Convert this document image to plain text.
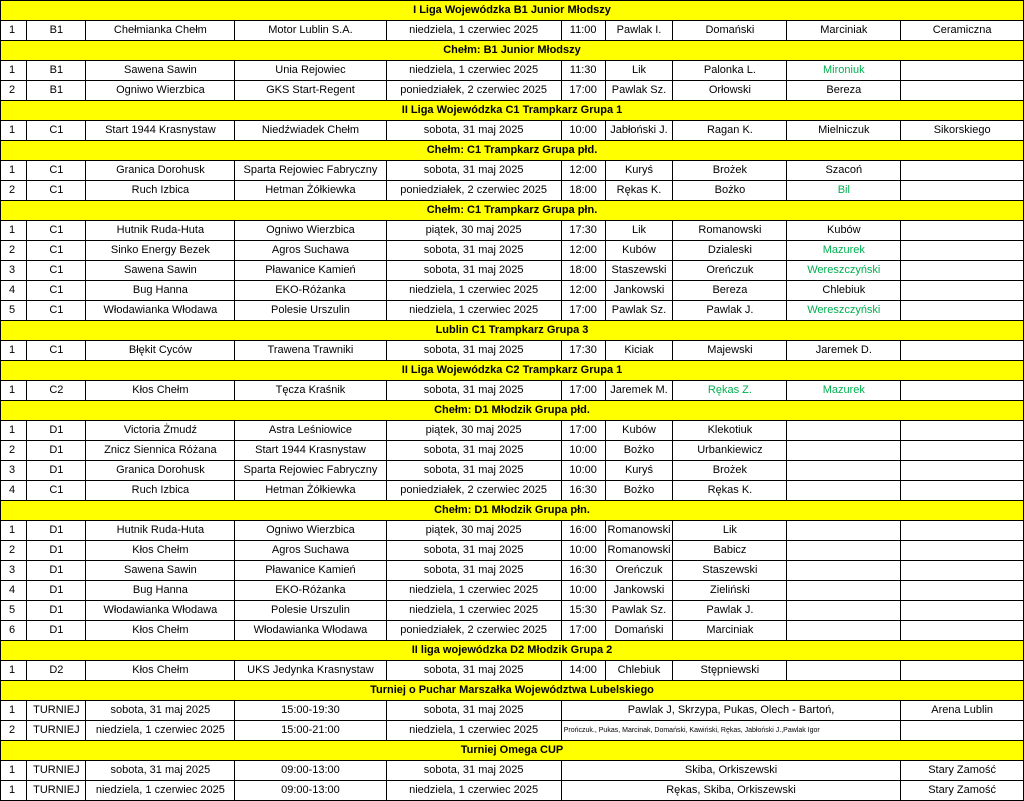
I Liga Wojewódzka B1 Junior Młodszy									
1	B1	Chełmianka Chełm	Motor Lublin S.A.	niedziela, 1 czerwiec 2025	11:00	Pawlak I.	Domański	Marciniak	Ceramiczna
Chełm: B1 Junior Młodszy									
1	B1	Sawena Sawin	Unia Rejowiec	niedziela, 1 czerwiec 2025	11:30	Lik	Palonka L.	Mironiuk	
2	B1	Ogniwo Wierzbica	GKS Start-Regent	poniedziałek, 2 czerwiec 2025	17:00	Pawlak Sz.	Orłowski	Bereza	
II Liga Wojewódzka C1 Trampkarz Grupa 1									
1	C1	Start 1944 Krasnystaw	Niedźwiadek Chełm	sobota, 31 maj 2025	10:00	Jabłoński J.	Ragan K.	Mielniczuk	Sikorskiego
Chełm: C1 Trampkarz Grupa płd.									
1	C1	Granica Dorohusk	Sparta Rejowiec Fabryczny	sobota, 31 maj 2025	12:00	Kuryś	Brożek	Szacoń	
2	C1	Ruch Izbica	Hetman Żółkiewka	poniedziałek, 2 czerwiec 2025	18:00	Rękas K.	Bożko	Bil	
Chełm: C1 Trampkarz Grupa płn.									
1	C1	Hutnik Ruda-Huta	Ogniwo Wierzbica	piątek, 30 maj 2025	17:30	Lik	Romanowski	Kubów	
2	C1	Sinko Energy Bezek	Agros Suchawa	sobota, 31 maj 2025	12:00	Kubów	Dzialeski	Mazurek	
3	C1	Sawena Sawin	Pławanice Kamień	sobota, 31 maj 2025	18:00	Staszewski	Oreńczuk	Wereszczyński	
4	C1	Bug Hanna	EKO-Różanka	niedziela, 1 czerwiec 2025	12:00	Jankowski	Bereza	Chlebiuk	
5	C1	Włodawianka Włodawa	Polesie Urszulin	niedziela, 1 czerwiec 2025	17:00	Pawlak Sz.	Pawlak J.	Wereszczyński	
Lublin C1 Trampkarz Grupa 3									
1	C1	Błękit Cyców	Trawena Trawniki	sobota, 31 maj 2025	17:30	Kiciak	Majewski	Jaremek D.	
II Liga Wojewódzka C2 Trampkarz Grupa 1									
1	C2	Kłos Chełm	Tęcza Kraśnik	sobota, 31 maj 2025	17:00	Jaremek M.	Rękas Z.	Mazurek	
Chełm: D1 Młodzik Grupa płd.									
1	D1	Victoria Żmudź	Astra Leśniowice	piątek, 30 maj 2025	17:00	Kubów	Klekotiuk		
2	D1	Znicz Siennica Różana	Start 1944 Krasnystaw	sobota, 31 maj 2025	10:00	Bożko	Urbankiewicz		
3	D1	Granica Dorohusk	Sparta Rejowiec Fabryczny	sobota, 31 maj 2025	10:00	Kuryś	Brożek		
4	C1	Ruch Izbica	Hetman Żółkiewka	poniedziałek, 2 czerwiec 2025	16:30	Bożko	Rękas K.		
Chełm: D1 Młodzik Grupa płn.									
1	D1	Hutnik Ruda-Huta	Ogniwo Wierzbica	piątek, 30 maj 2025	16:00	Romanowski	Lik		
2	D1	Kłos Chełm	Agros Suchawa	sobota, 31 maj 2025	10:00	Romanowski	Babicz		
3	D1	Sawena Sawin	Pławanice Kamień	sobota, 31 maj 2025	16:30	Oreńczuk	Staszewski		
4	D1	Bug Hanna	EKO-Różanka	niedziela, 1 czerwiec 2025	10:00	Jankowski	Zieliński		
5	D1	Włodawianka Włodawa	Polesie Urszulin	niedziela, 1 czerwiec 2025	15:30	Pawlak Sz.	Pawlak J.		
6	D1	Kłos Chełm	Włodawianka Włodawa	poniedziałek, 2 czerwiec 2025	17:00	Domański	Marciniak		
II liga wojewódzka D2 Młodzik Grupa 2									
1	D2	Kłos Chełm	UKS Jedynka Krasnystaw	sobota, 31 maj 2025	14:00	Chlebiuk	Stępniewski		
Turniej o Puchar Marszałka Województwa Lubelskiego									
1	TURNIEJ	sobota, 31 maj 2025	15:00-19:30	sobota, 31 maj 2025	Pawlak J, Skrzypa, Pukas, Olech - Bartoń,				Arena Lublin
2	TURNIEJ	niedziela, 1 czerwiec 2025	15:00-21:00	niedziela, 1 czerwiec 2025	Prończuk., Pukas, Marcinak, Domański, Kawiński, Rękas, Jabłoński J.,Pawlak Igor				
Turniej Omega CUP									
1	TURNIEJ	sobota, 31 maj 2025	09:00-13:00	sobota, 31 maj 2025	Skiba, Orkiszewski				Stary Zamość
1	TURNIEJ	niedziela, 1 czerwiec 2025	09:00-13:00	niedziela, 1 czerwiec 2025	Rękas, Skiba, Orkiszewski				Stary Zamość
